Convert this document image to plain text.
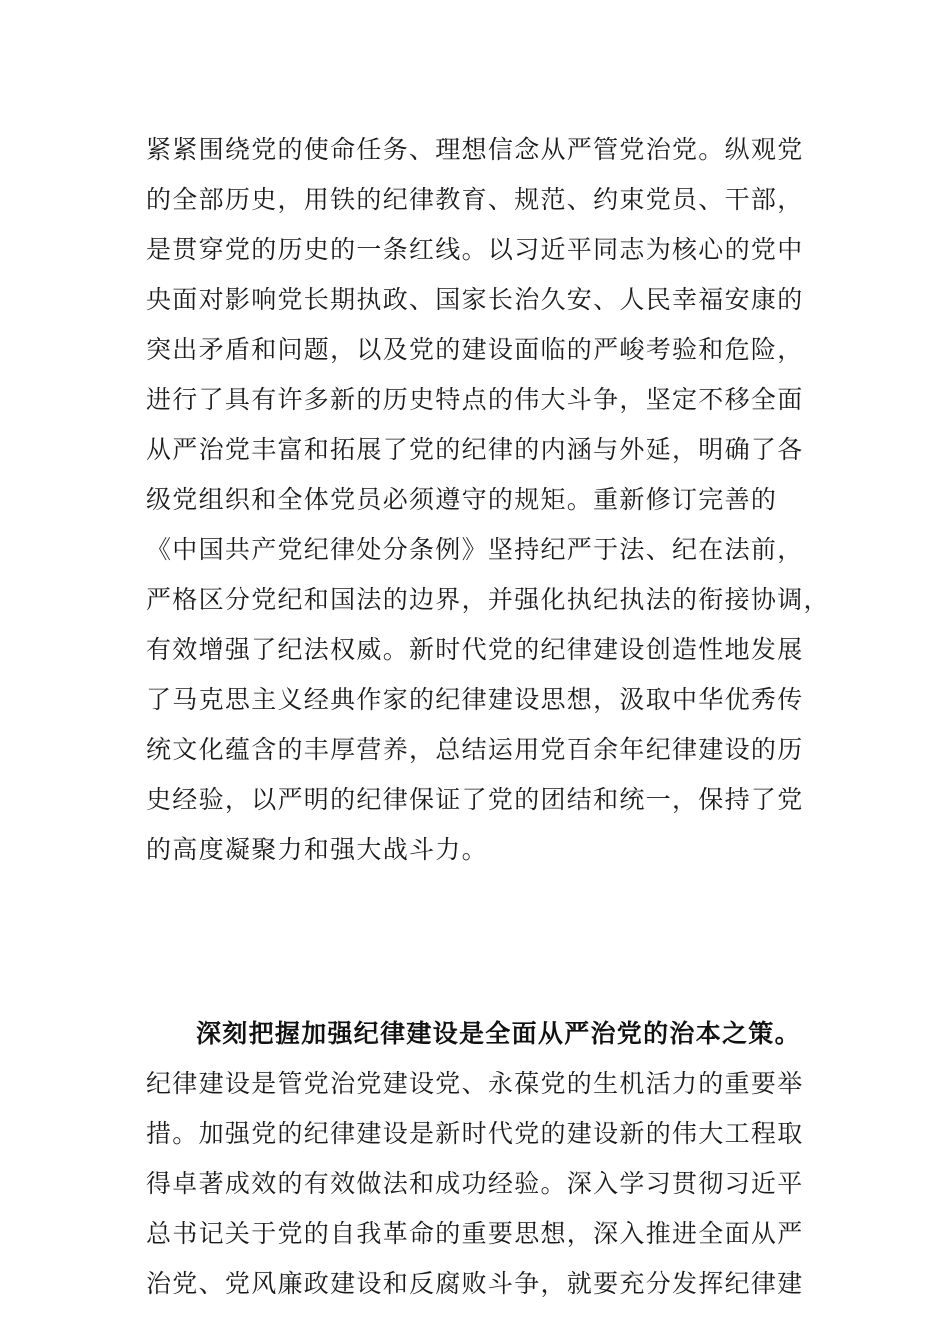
紧紧围绕党的使命任务、理想信念从严管党治党。纵观党
的全部历史，用铁的纪律教育、规范、约束党员、干部，
是贯穿党的历史的一条红线。以习近平同志为核心的党中
央面对影响党长期执政、国家长治久安、人民幸福安康的
突出矛盾和问题，以及党的建设面临的严峻考验和危险，
进行了具有许多新的历史特点的伟大斗争，坚定不移全面
从严治党丰富和拓展了党的纪律的内涵与外延，明确了各
级党组织和全体党员必须遵守的规矩。重新修订完善的
《中国共产党纪律处分条例》坚持纪严于法、纪在法前，
严格区分党纪和国法的边界，并强化执纪执法的衔接协调，
有效增强了纪法权威。新时代党的纪律建设创造性地发展
了马克思主义经典作家的纪律建设思想，汲取中华优秀传
统文化蕴含的丰厚营养，总结运用党百余年纪律建设的历
史经验，以严明的纪律保证了党的团结和统一，保持了党
的高度凝聚力和强大战斗力。
深刻把握加强纪律建设是全面从严治党的治本之策。
纪律建设是管党治党建设党、永葆党的生机活力的重要举
措。加强党的纪律建设是新时代党的建设新的伟大工程取
得卓著成效的有效做法和成功经验。深入学习贯彻习近平
总书记关于党的自我革命的重要思想，深入推进全面从严
治党、党风廉政建设和反腐败斗争，就要充分发挥纪律建
